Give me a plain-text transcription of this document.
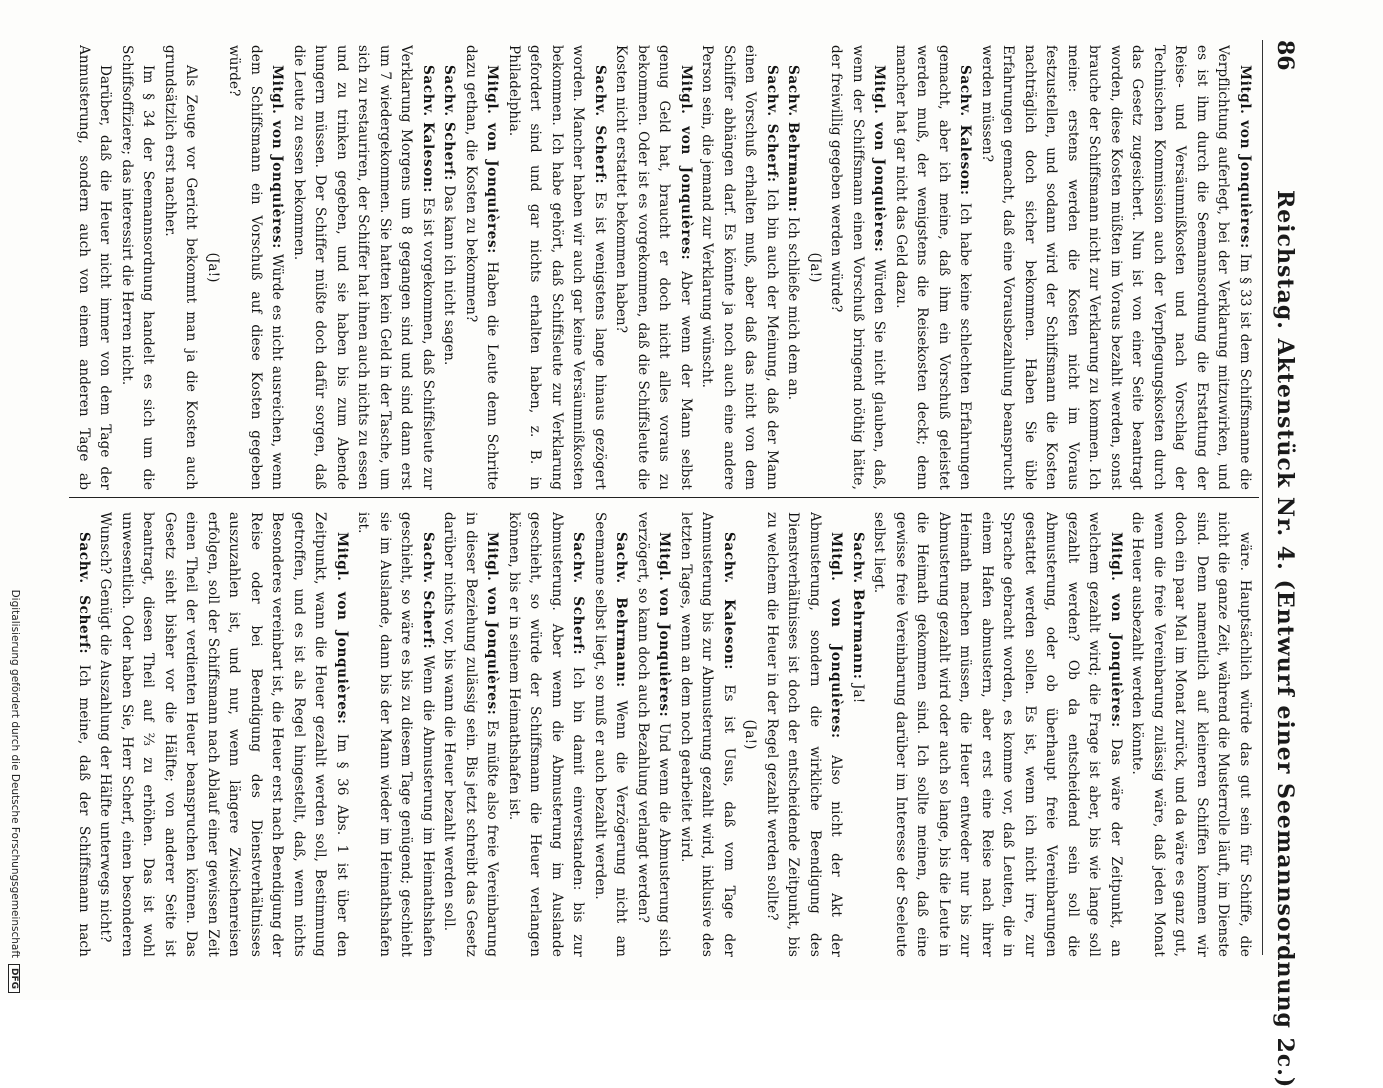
86
Reichstag. Aktenstück Nr. 4. (Entwurf einer Seemannsordnung 2c.)

Mitgl. von Jonquières: Im § 33 ist dem Schiffsmanne die Verpflichtung auferlegt, bei der Verklarung mitzuwirken, und es ist ihm durch die Seemannsordnung die Erstattung der Reise- und Versäumnißkosten und nach Vorschlag der Technischen Kommission auch der Verpflegungskosten durch das Gesetz zugesichert. Nun ist von einer Seite beantragt worden, diese Kosten müßten im Voraus bezahlt werden, sonst brauche der Schiffsmann nicht zur Verklarung zu kommen. Ich meine: erstens werden die Kosten nicht im Voraus festzustellen, und sodann wird der Schiffsmann die Kosten nachträglich doch sicher bekommen. Haben Sie üble Erfahrungen gemacht, daß eine Vorausbezahlung beansprucht werden müssen?

Sachv. Kaleson: Ich habe keine schlechten Erfahrungen gemacht, aber ich meine, daß ihm ein Vorschuß geleistet werden muß, der wenigstens die Reisekosten deckt; denn mancher hat gar nicht das Geld dazu.

Mitgl. von Jonquières: Würden Sie nicht glauben, daß, wenn der Schiffsmann einen Vorschuß bringend nöthig hätte, der freiwillig gegeben werden würde?

(Ja!)

Sachv. Behrmann: Ich schließe mich dem an.

Sachv. Scherf: Ich bin auch der Meinung, daß der Mann einen Vorschuß erhalten muß, aber daß das nicht von dem Schiffer abhängen darf. Es könnte ja noch auch eine andere Person sein, die jemand zur Verklarung wünscht.

Mitgl. von Jonquières: Aber wenn der Mann selbst genug Geld hat, braucht er doch nicht alles voraus zu bekommen. Oder ist es vorgekommen, daß die Schiffsleute die Kosten nicht erstattet bekommen haben?

Sachv. Scherf: Es ist wenigstens lange hinaus gezögert worden. Mancher haben wir auch gar keine Versäumnißkosten bekommen. Ich habe gehört, daß Schiffsleute zur Verklarung gefordert sind und gar nichts erhalten haben, z. B. in Philadelphia.

Mitgl. von Jonquières: Haben die Leute denn Schritte dazu gethan, die Kosten zu bekommen?

Sachv. Scherf: Das kann ich nicht sagen.

Sachv. Kaleson: Es ist vorgekommen, daß Schiffsleute zur Verklarung Morgens um 8 gegangen sind und sind dann erst um 7 wiedergekommen. Sie hatten kein Geld in der Tasche, um sich zu restauriren, der Schiffer hat ihnen auch nichts zu essen und zu trinken gegeben, und sie haben bis zum Abende hungern müssen. Der Schiffer müßte doch dafür sorgen, daß die Leute zu essen bekommen.

Mitgl. von Jonquières: Würde es nicht ausreichen, wenn dem Schiffsmann ein Vorschuß auf diese Kosten gegeben würde?

(Ja!)

Als Zeuge vor Gericht bekommt man ja die Kosten auch grundsätzlich erst nachher.

Im § 34 der Seemannsordnung handelt es sich um die Schiffsoffiziere; das interessirt die Herren nicht.

Darüber, daß die Heuer nicht immer von dem Tage der Anmusterung, sondern auch von einem anderen Tage ab

wäre. Hauptsächlich würde das gut sein für Schiffe, die nicht die ganze Zeit, während die Musterrolle läuft, im Dienste sind. Denn namentlich auf kleineren Schiffen kommen wir doch ein paar Mal im Monat zurück, und da wäre es ganz gut, wenn die freie Vereinbarung zulässig wäre, daß jeden Monat die Heuer ausbezahlt werden könnte.

Mitgl. von Jonquières: Das wäre der Zeitpunkt, an welchem gezahlt wird; die Frage ist aber, bis wie lange soll gezahlt werden? Ob da entscheidend sein soll die Abmusterung, oder ob überhaupt freie Vereinbarungen gestattet werden sollen. Es ist, wenn ich nicht irre, zur Sprache gebracht worden, es komme vor, daß Leuten, die in einem Hafen abmustern, aber erst eine Reise nach ihrer Heimath machen müssen, die Heuer entweder nur bis zur Abmusterung gezahlt wird oder auch so lange, bis die Leute in die Heimath gekommen sind. Ich sollte meinen, daß eine gewisse freie Vereinbarung darüber im Interesse der Seeleute selbst liegt.

Sachv. Behrmann: Ja!

Mitgl. von Jonquières: Also nicht der Akt der Abmusterung, sondern die wirkliche Beendigung des Dienstverhältnisses ist doch der entscheidende Zeitpunkt, bis zu welchem die Heuer in der Regel gezahlt werden sollte?

(Ja!)

Sachv. Kaleson: Es ist Usus, daß vom Tage der Anmusterung bis zur Abmusterung gezahlt wird, inklusive des letzten Tages, wenn an dem noch gearbeitet wird.

Mitgl. von Jonquières: Und wenn die Abmusterung sich verzögert, so kann doch auch Bezahlung verlangt werden?

Sachv. Behrmann: Wenn die Verzögerung nicht am Seemanne selbst liegt, so muß er auch bezahlt werden.

Sachv. Scherf: Ich bin damit einverstanden: bis zur Abmusterung. Aber wenn die Abmusterung im Auslande geschieht, so würde der Schiffsmann die Heuer verlangen können, bis er in seinem Heimathshafen ist.

Mitgl. von Jonquières: Es müßte also freie Vereinbarung in dieser Beziehung zulässig sein. Bis jetzt schreibt das Gesetz darüber nichts vor, bis wann die Heuer bezahlt werden soll.

Sachv. Scherf: Wenn die Abmusterung im Heimathshafen geschieht, so wäre es bis zu diesem Tage genügend; geschieht sie im Auslande, dann bis der Mann wieder im Heimathshafen ist.

Mitgl. von Jonquières: Im § 36 Abs. 1 ist über den Zeitpunkt, wann die Heuer gezahlt werden soll, Bestimmung getroffen, und es ist als Regel hingestellt, daß, wenn nichts Besonderes vereinbart ist, die Heuer erst nach Beendigung der Reise oder bei Beendigung des Dienstverhältnisses auszuzahlen ist, und nur, wenn längere Zwischenreisen erfolgen, soll der Schiffsmann nach Ablauf einer gewissen Zeit einen Theil der verdienten Heuer beanspruchen können. Das Gesetz sieht bisher vor die Hälfte; von anderer Seite ist beantragt, diesen Theil auf ⅔ zu erhöhen. Das ist wohl unwesentlich. Oder haben Sie, Herr Scherf, einen besonderen Wunsch? Genügt die Auszahlung der Hälfte unterwegs nicht?

Sachv. Scherf: Ich meine, daß der Schiffsmann nach

Digitalisierung gefördert durch die Deutsche ForschungsgemeinschaftDFG
